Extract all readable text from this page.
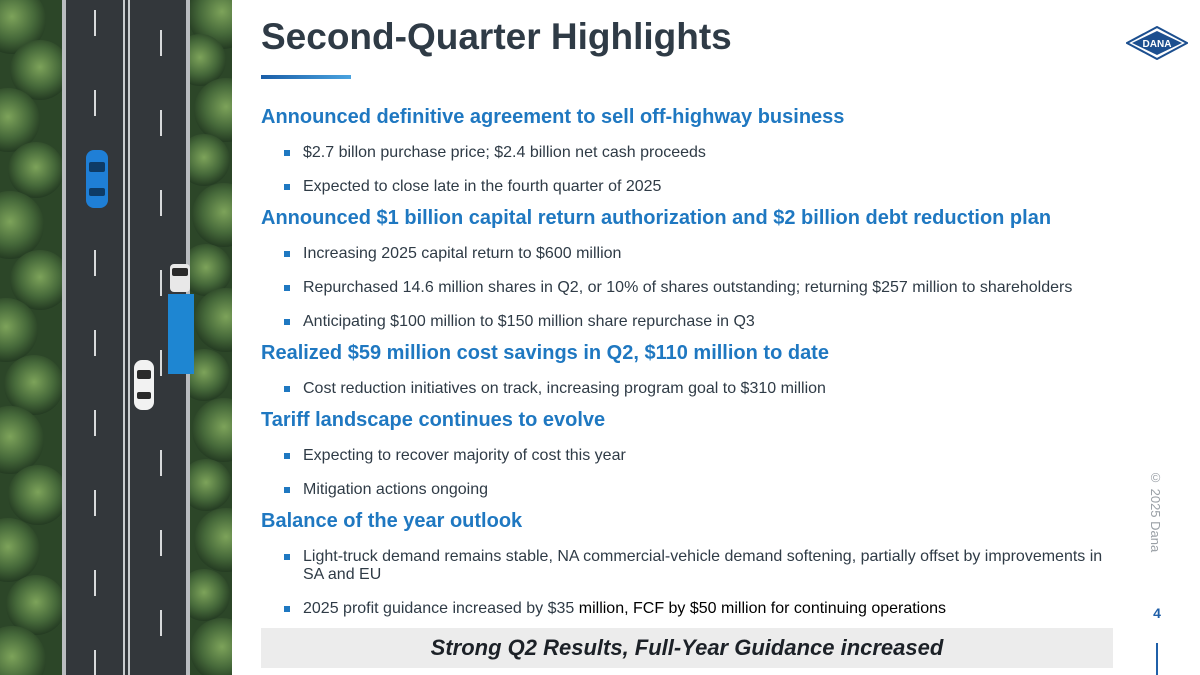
Second-Quarter Highlights	DANA
Announced definitive agreement to sell off-highway business
$2.7 billon purchase price; $2.4 billion net cash proceeds
Expected to close late in the fourth quarter of 2025
Announced $1 billion capital return authorization and $2 billion debt reduction plan
Increasing 2025 capital return to $600 million
Repurchased 14.6 million shares in Q2, or 10% of shares outstanding; returning $257 million to shareholders
Anticipating $100 million to $150 million share repurchase in Q3
Realized $59 million cost savings in Q2, $110 million to date
Cost reduction initiatives on track, increasing program goal to $310 million
Tariff landscape continues to evolve
Expecting to recover majority of cost this year
Mitigation actions ongoing
Balance of the year outlook
Light-truck demand remains stable, NA commercial-vehicle demand softening, partially offset by improvements in SA and EU
2025 profit guidance increased by $35 million, FCF by $50 million for continuing operations
Strong Q2 Results, Full-Year Guidance increased
© 2025 Dana
4
